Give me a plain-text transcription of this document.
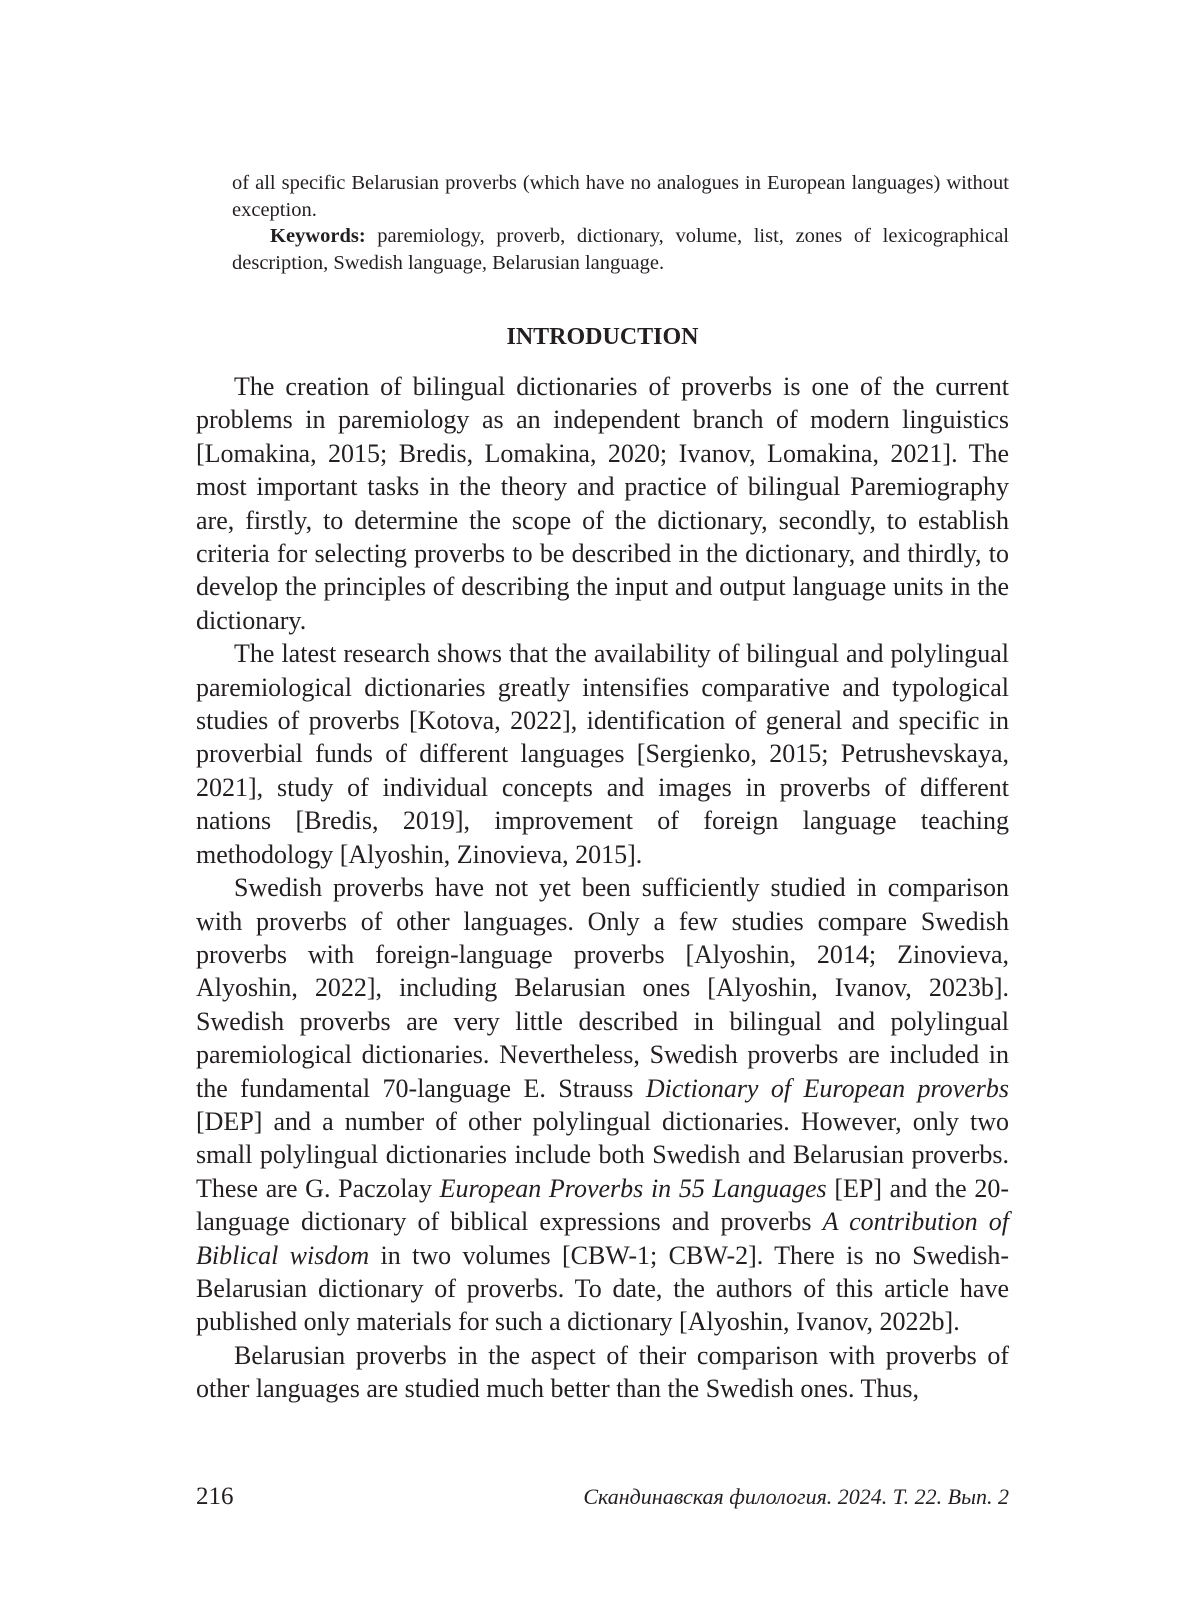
of all specific Belarusian proverbs (which have no analogues in European languages) without exception.

Keywords: paremiology, proverb, dictionary, volume, list, zones of lexicographical description, Swedish language, Belarusian language.

INTRODUCTION

The creation of bilingual dictionaries of proverbs is one of the current problems in paremiology as an independent branch of modern linguistics [Lomakina, 2015; Bredis, Lomakina, 2020; Ivanov, Lomakina, 2021]. The most important tasks in the theory and practice of bilingual Paremiography are, firstly, to determine the scope of the dictionary, secondly, to establish criteria for selecting proverbs to be described in the dictionary, and thirdly, to develop the principles of describing the input and output language units in the dictionary.

The latest research shows that the availability of bilingual and polylingual paremiological dictionaries greatly intensifies comparative and typological studies of proverbs [Kotova, 2022], identification of general and specific in proverbial funds of different languages [Sergienko, 2015; Petrushevskaya, 2021], study of individual concepts and images in proverbs of different nations [Bredis, 2019], improvement of foreign language teaching methodology [Alyoshin, Zinovieva, 2015].

Swedish proverbs have not yet been sufficiently studied in comparison with proverbs of other languages. Only a few studies compare Swedish proverbs with foreign-language proverbs [Alyoshin, 2014; Zinovieva, Alyoshin, 2022], including Belarusian ones [Alyoshin, Ivanov, 2023b]. Swedish proverbs are very little described in bilingual and polylingual paremiological dictionaries. Nevertheless, Swedish proverbs are included in the fundamental 70-language E. Strauss Dictionary of European proverbs [DEP] and a number of other polylingual dictionaries. However, only two small polylingual dictionaries include both Swedish and Belarusian proverbs. These are G. Paczolay European Proverbs in 55 Languages [EP] and the 20-language dictionary of biblical expressions and proverbs A contribution of Biblical wisdom in two volumes [CBW-1; CBW-2]. There is no Swedish-Belarusian dictionary of proverbs. To date, the authors of this article have published only materials for such a dictionary [Alyoshin, Ivanov, 2022b].

Belarusian proverbs in the aspect of their comparison with proverbs of other languages are studied much better than the Swedish ones. Thus,

216	Скандинавская филология. 2024. Т. 22. Вып. 2
